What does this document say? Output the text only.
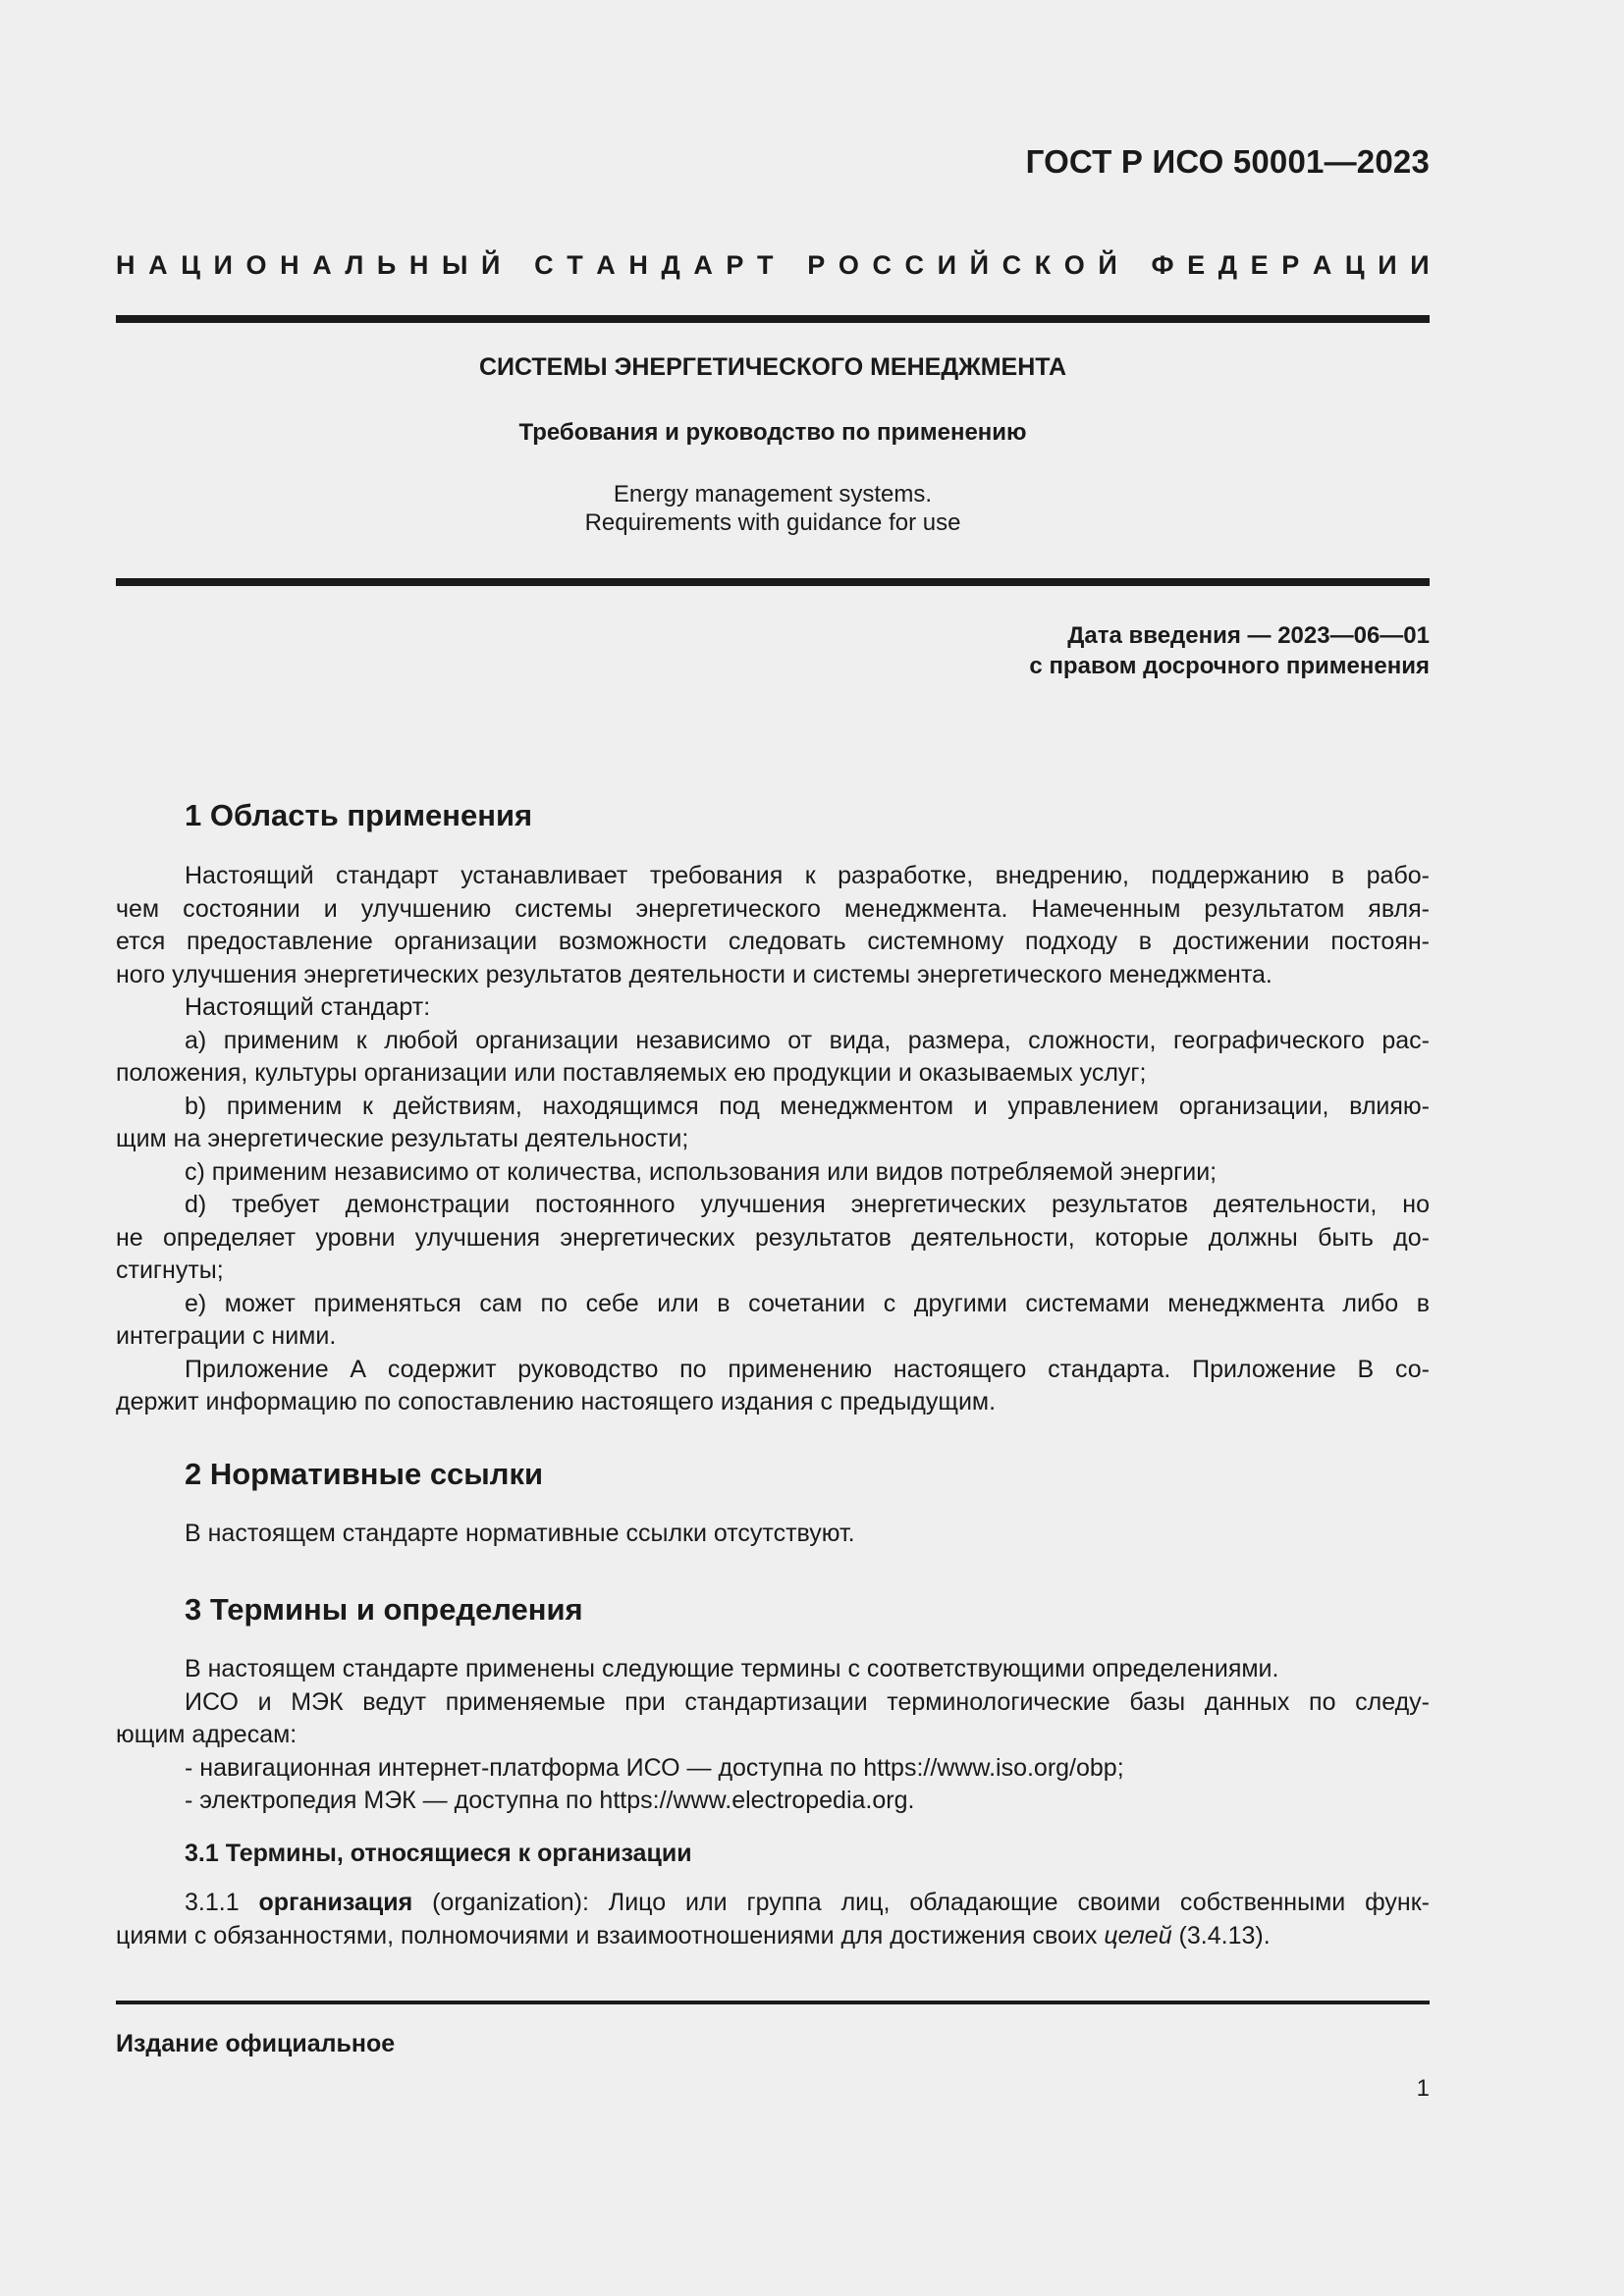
ГОСТ Р ИСО 50001—2023
Н А Ц И О Н А Л Ь Н Ы Й
С Т А Н Д А Р Т
Р О С С И Й С К О Й
Ф Е Д Е Р А Ц И И
СИСТЕМЫ ЭНЕРГЕТИЧЕСКОГО МЕНЕДЖМЕНТА
Требования и руководство по применению
Energy management systems.
Requirements with guidance for use
Дата введения — 2023—06—01
с правом досрочного применения
1 Область применения
Настоящий стандарт устанавливает требования к разработке, внедрению, поддержанию в рабо-
чем состоянии и улучшению системы энергетического менеджмента. Намеченным результатом явля-
ется предоставление организации возможности следовать системному подходу в достижении постоян-
ного улучшения энергетических результатов деятельности и системы энергетического менеджмента.
Настоящий стандарт:
a) применим к любой организации независимо от вида, размера, сложности, географического рас-
положения, культуры организации или поставляемых ею продукции и оказываемых услуг;
b) применим к действиям, находящимся под менеджментом и управлением организации, влияю-
щим на энергетические результаты деятельности;
c) применим независимо от количества, использования или видов потребляемой энергии;
d) требует демонстрации постоянного улучшения энергетических результатов деятельности, но
не определяет уровни улучшения энергетических результатов деятельности, которые должны быть до-
стигнуты;
e) может применяться сам по себе или в сочетании с другими системами менеджмента либо в
интеграции с ними.
Приложение А содержит руководство по применению настоящего стандарта. Приложение В со-
держит информацию по сопоставлению настоящего издания с предыдущим.
2 Нормативные ссылки
В настоящем стандарте нормативные ссылки отсутствуют.
3 Термины и определения
В настоящем стандарте применены следующие термины с соответствующими определениями.
ИСО и МЭК ведут применяемые при стандартизации терминологические базы данных по следу-
ющим адресам:
- навигационная интернет-платформа ИСО — доступна по https://www.iso.org/obp;
- электропедия МЭК — доступна по https://www.electropedia.org.
3.1 Термины, относящиеся к организации
3.1.1 организация (organization): Лицо или группа лиц, обладающие своими собственными функ-
циями с обязанностями, полномочиями и взаимоотношениями для достижения своих целей (3.4.13).
Издание официальное
1
